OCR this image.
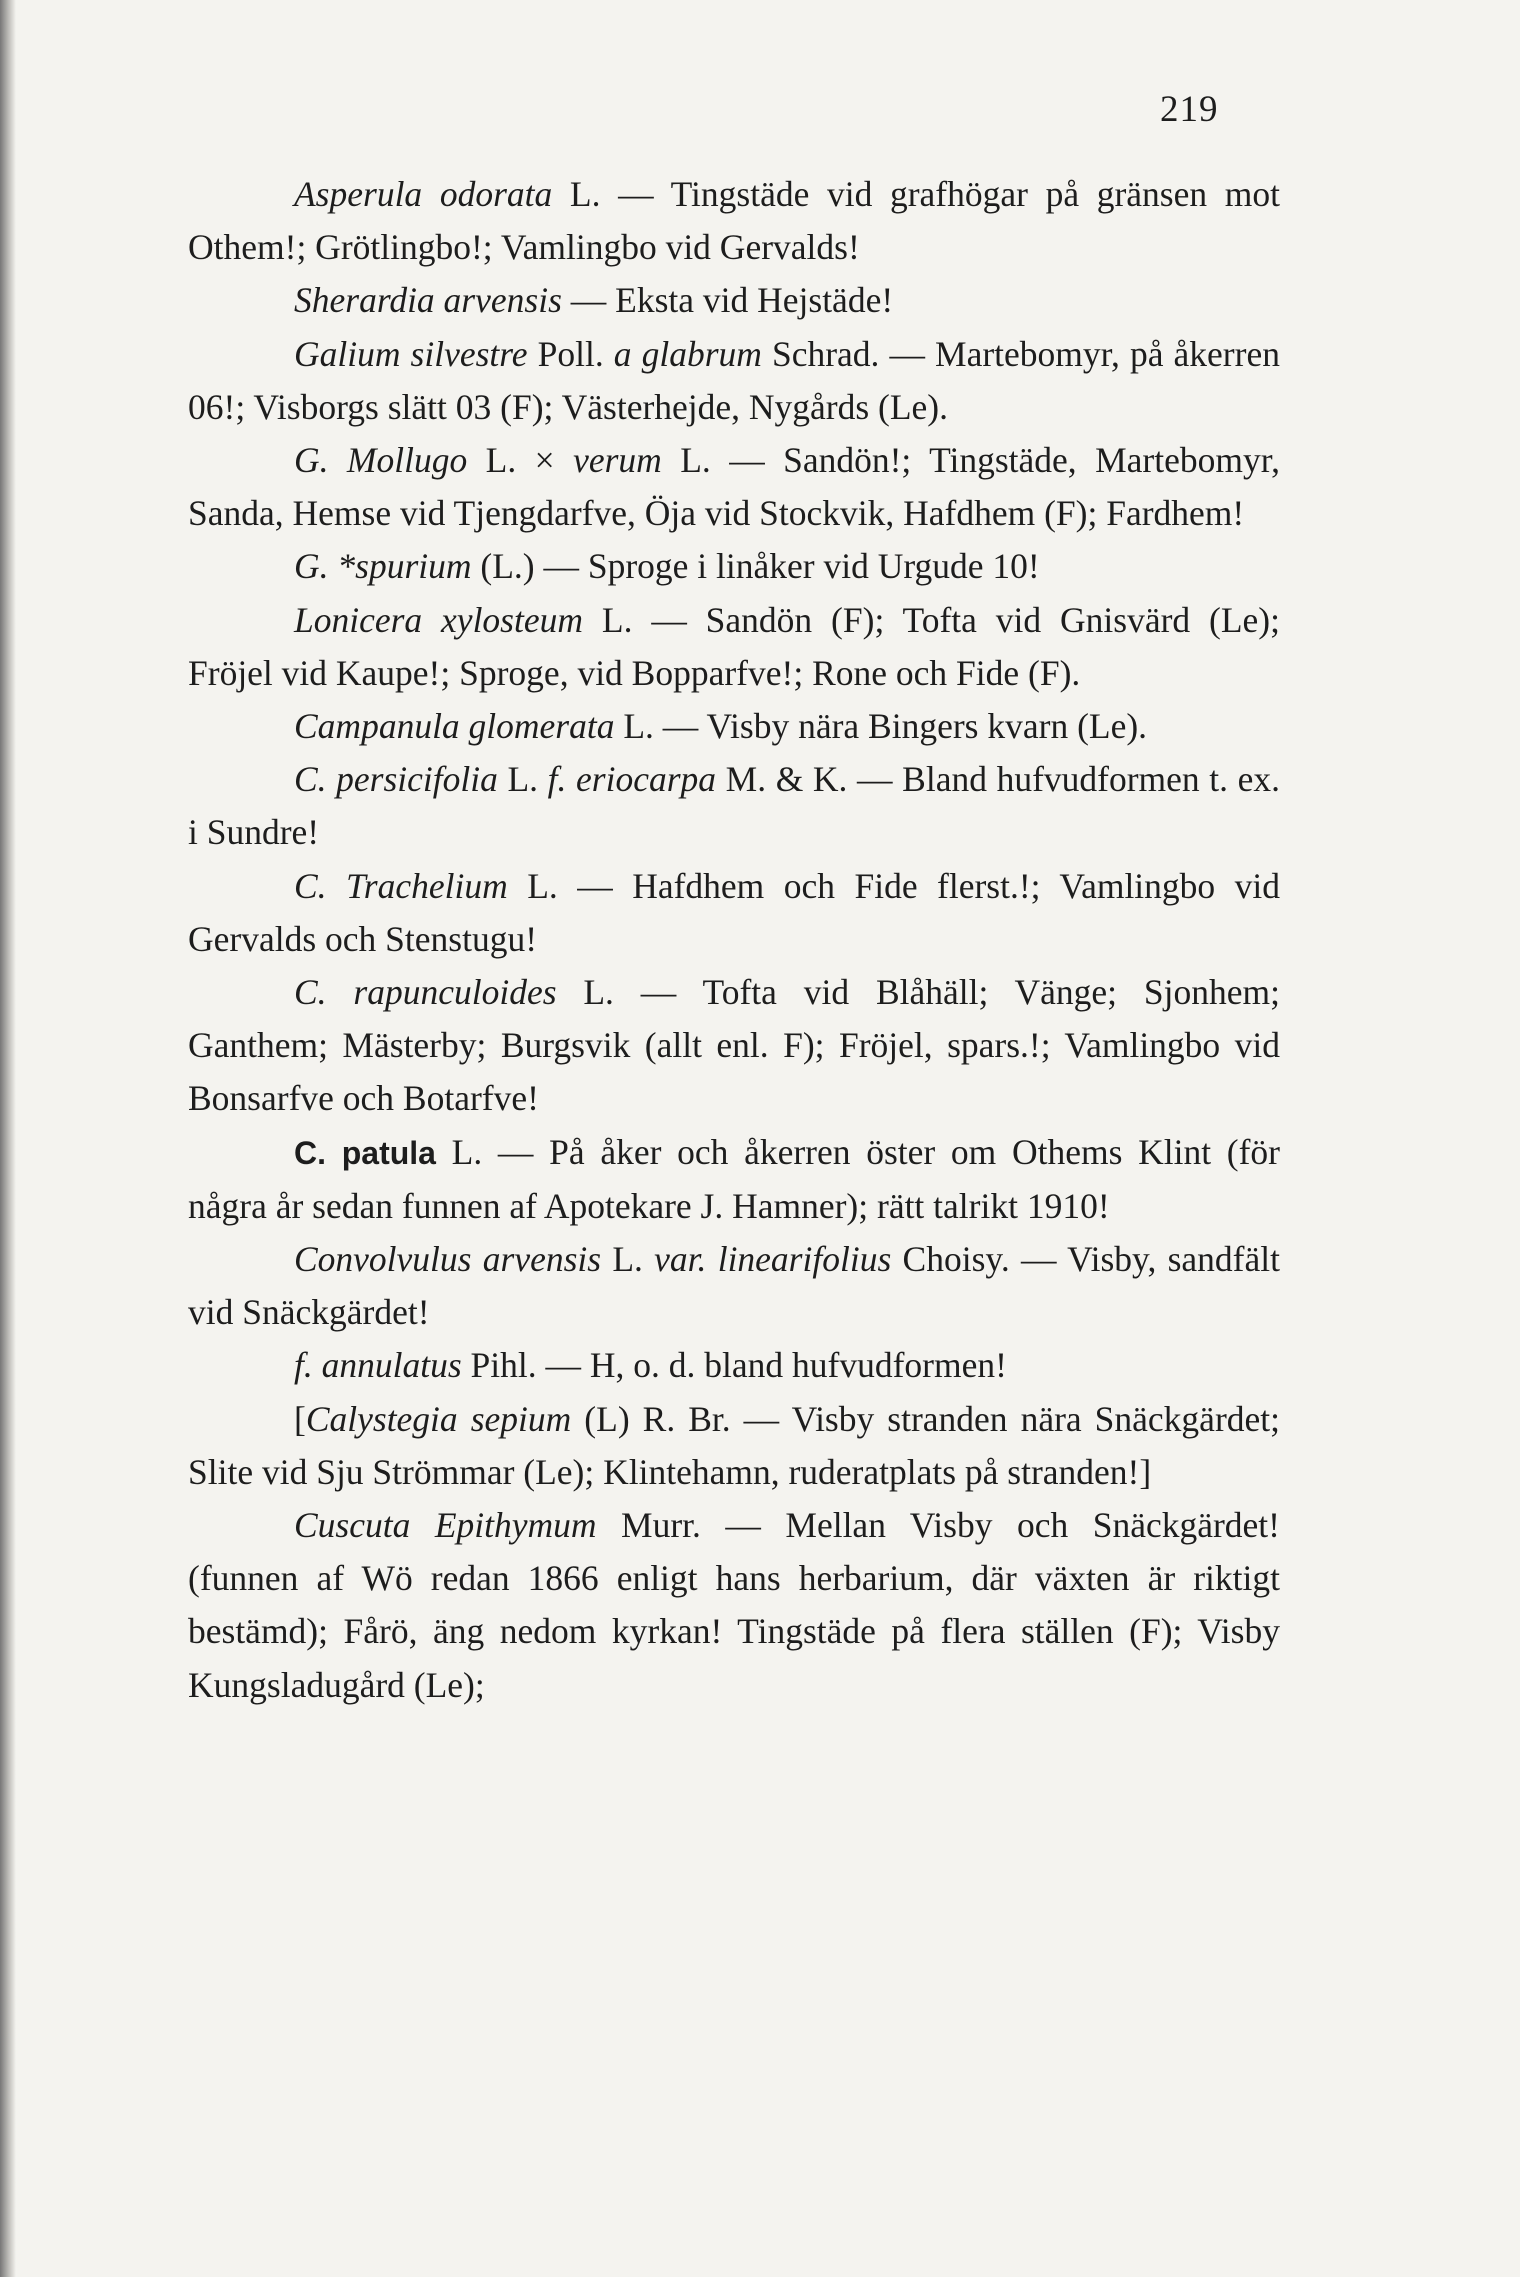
219

Asperula odorata L. — Tingstäde vid grafhögar på gränsen mot Othem!; Grötlingbo!; Vamlingbo vid Gervalds!

Sherardia arvensis — Eksta vid Hejstäde!

Galium silvestre Poll. a glabrum Schrad. — Martebomyr, på åkerren 06!; Visborgs slätt 03 (F); Västerhejde, Nygårds (Le).

G. Mollugo L. × verum L. — Sandön!; Tingstäde, Martebomyr, Sanda, Hemse vid Tjengdarfve, Öja vid Stockvik, Hafdhem (F); Fardhem!

G. *spurium (L.) — Sproge i linåker vid Urgude 10!

Lonicera xylosteum L. — Sandön (F); Tofta vid Gnisvärd (Le); Fröjel vid Kaupe!; Sproge, vid Bopparfve!; Rone och Fide (F).

Campanula glomerata L. — Visby nära Bingers kvarn (Le).

C. persicifolia L. f. eriocarpa M. & K. — Bland hufvudformen t. ex. i Sundre!

C. Trachelium L. — Hafdhem och Fide flerst.!; Vamlingbo vid Gervalds och Stenstugu!

C. rapunculoides L. — Tofta vid Blåhäll; Vänge; Sjonhem; Ganthem; Mästerby; Burgsvik (allt enl. F); Fröjel, spars.!; Vamlingbo vid Bonsarfve och Botarfve!

C. patula L. — På åker och åkerren öster om Othems Klint (för några år sedan funnen af Apotekare J. Hamner); rätt talrikt 1910!

Convolvulus arvensis L. var. linearifolius Choisy. — Visby, sandfält vid Snäckgärdet!

f. annulatus Pihl. — H, o. d. bland hufvudformen!

[Calystegia sepium (L) R. Br. — Visby stranden nära Snäckgärdet; Slite vid Sju Strömmar (Le); Klintehamn, ruderatplats på stranden!]

Cuscuta Epithymum Murr. — Mellan Visby och Snäckgärdet! (funnen af Wö redan 1866 enligt hans herbarium, där växten är riktigt bestämd); Fårö, äng nedom kyrkan! Tingstäde på flera ställen (F); Visby Kungsladugård (Le);
